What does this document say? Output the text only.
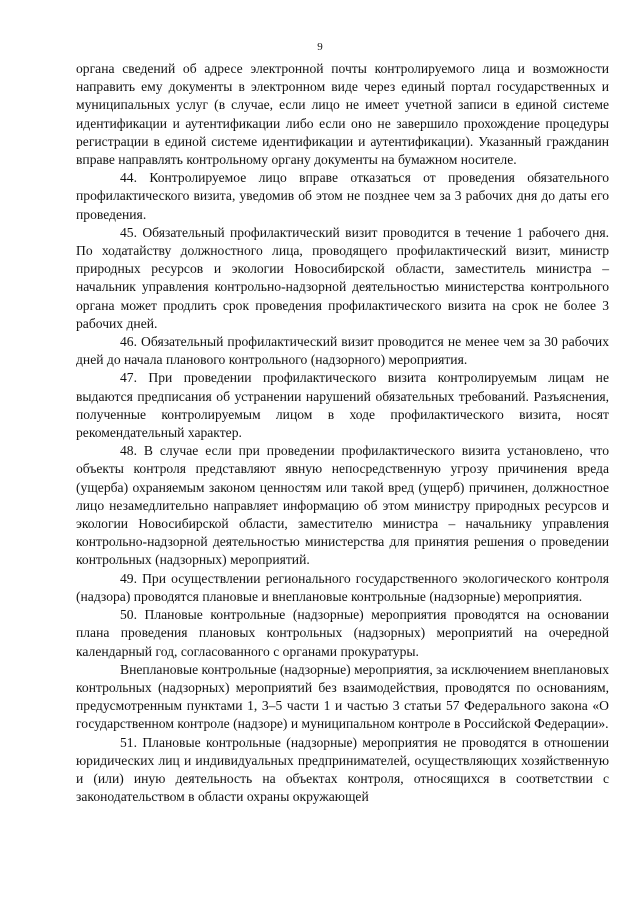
9

органа сведений об адресе электронной почты контролируемого лица и возможности направить ему документы в электронном виде через единый портал государственных и муниципальных услуг (в случае, если лицо не имеет учетной записи в единой системе идентификации и аутентификации либо если оно не завершило прохождение процедуры регистрации в единой системе идентификации и аутентификации). Указанный гражданин вправе направлять контрольному органу документы на бумажном носителе.

44. Контролируемое лицо вправе отказаться от проведения обязательного профилактического визита, уведомив об этом не позднее чем за 3 рабочих дня до даты его проведения.

45. Обязательный профилактический визит проводится в течение 1 рабочего дня. По ходатайству должностного лица, проводящего профилактический визит, министр природных ресурсов и экологии Новосибирской области, заместитель министра – начальник управления контрольно-надзорной деятельностью министерства контрольного органа может продлить срок проведения профилактического визита на срок не более 3 рабочих дней.

46. Обязательный профилактический визит проводится не менее чем за 30 рабочих дней до начала планового контрольного (надзорного) мероприятия.

47. При проведении профилактического визита контролируемым лицам не выдаются предписания об устранении нарушений обязательных требований. Разъяснения, полученные контролируемым лицом в ходе профилактического визита, носят рекомендательный характер.

48. В случае если при проведении профилактического визита установлено, что объекты контроля представляют явную непосредственную угрозу причинения вреда (ущерба) охраняемым законом ценностям или такой вред (ущерб) причинен, должностное лицо незамедлительно направляет информацию об этом министру природных ресурсов и экологии Новосибирской области, заместителю министра – начальнику управления контрольно-надзорной деятельностью министерства для принятия решения о проведении контрольных (надзорных) мероприятий.

49. При осуществлении регионального государственного экологического контроля (надзора) проводятся плановые и внеплановые контрольные (надзорные) мероприятия.

50. Плановые контрольные (надзорные) мероприятия проводятся на основании плана проведения плановых контрольных (надзорных) мероприятий на очередной календарный год, согласованного с органами прокуратуры.

Внеплановые контрольные (надзорные) мероприятия, за исключением внеплановых контрольных (надзорных) мероприятий без взаимодействия, проводятся по основаниям, предусмотренным пунктами 1, 3–5 части 1 и частью 3 статьи 57 Федерального закона «О государственном контроле (надзоре) и муниципальном контроле в Российской Федерации».

51. Плановые контрольные (надзорные) мероприятия не проводятся в отношении юридических лиц и индивидуальных предпринимателей, осуществляющих хозяйственную и (или) иную деятельность на объектах контроля, относящихся в соответствии с законодательством в области охраны окружающей
